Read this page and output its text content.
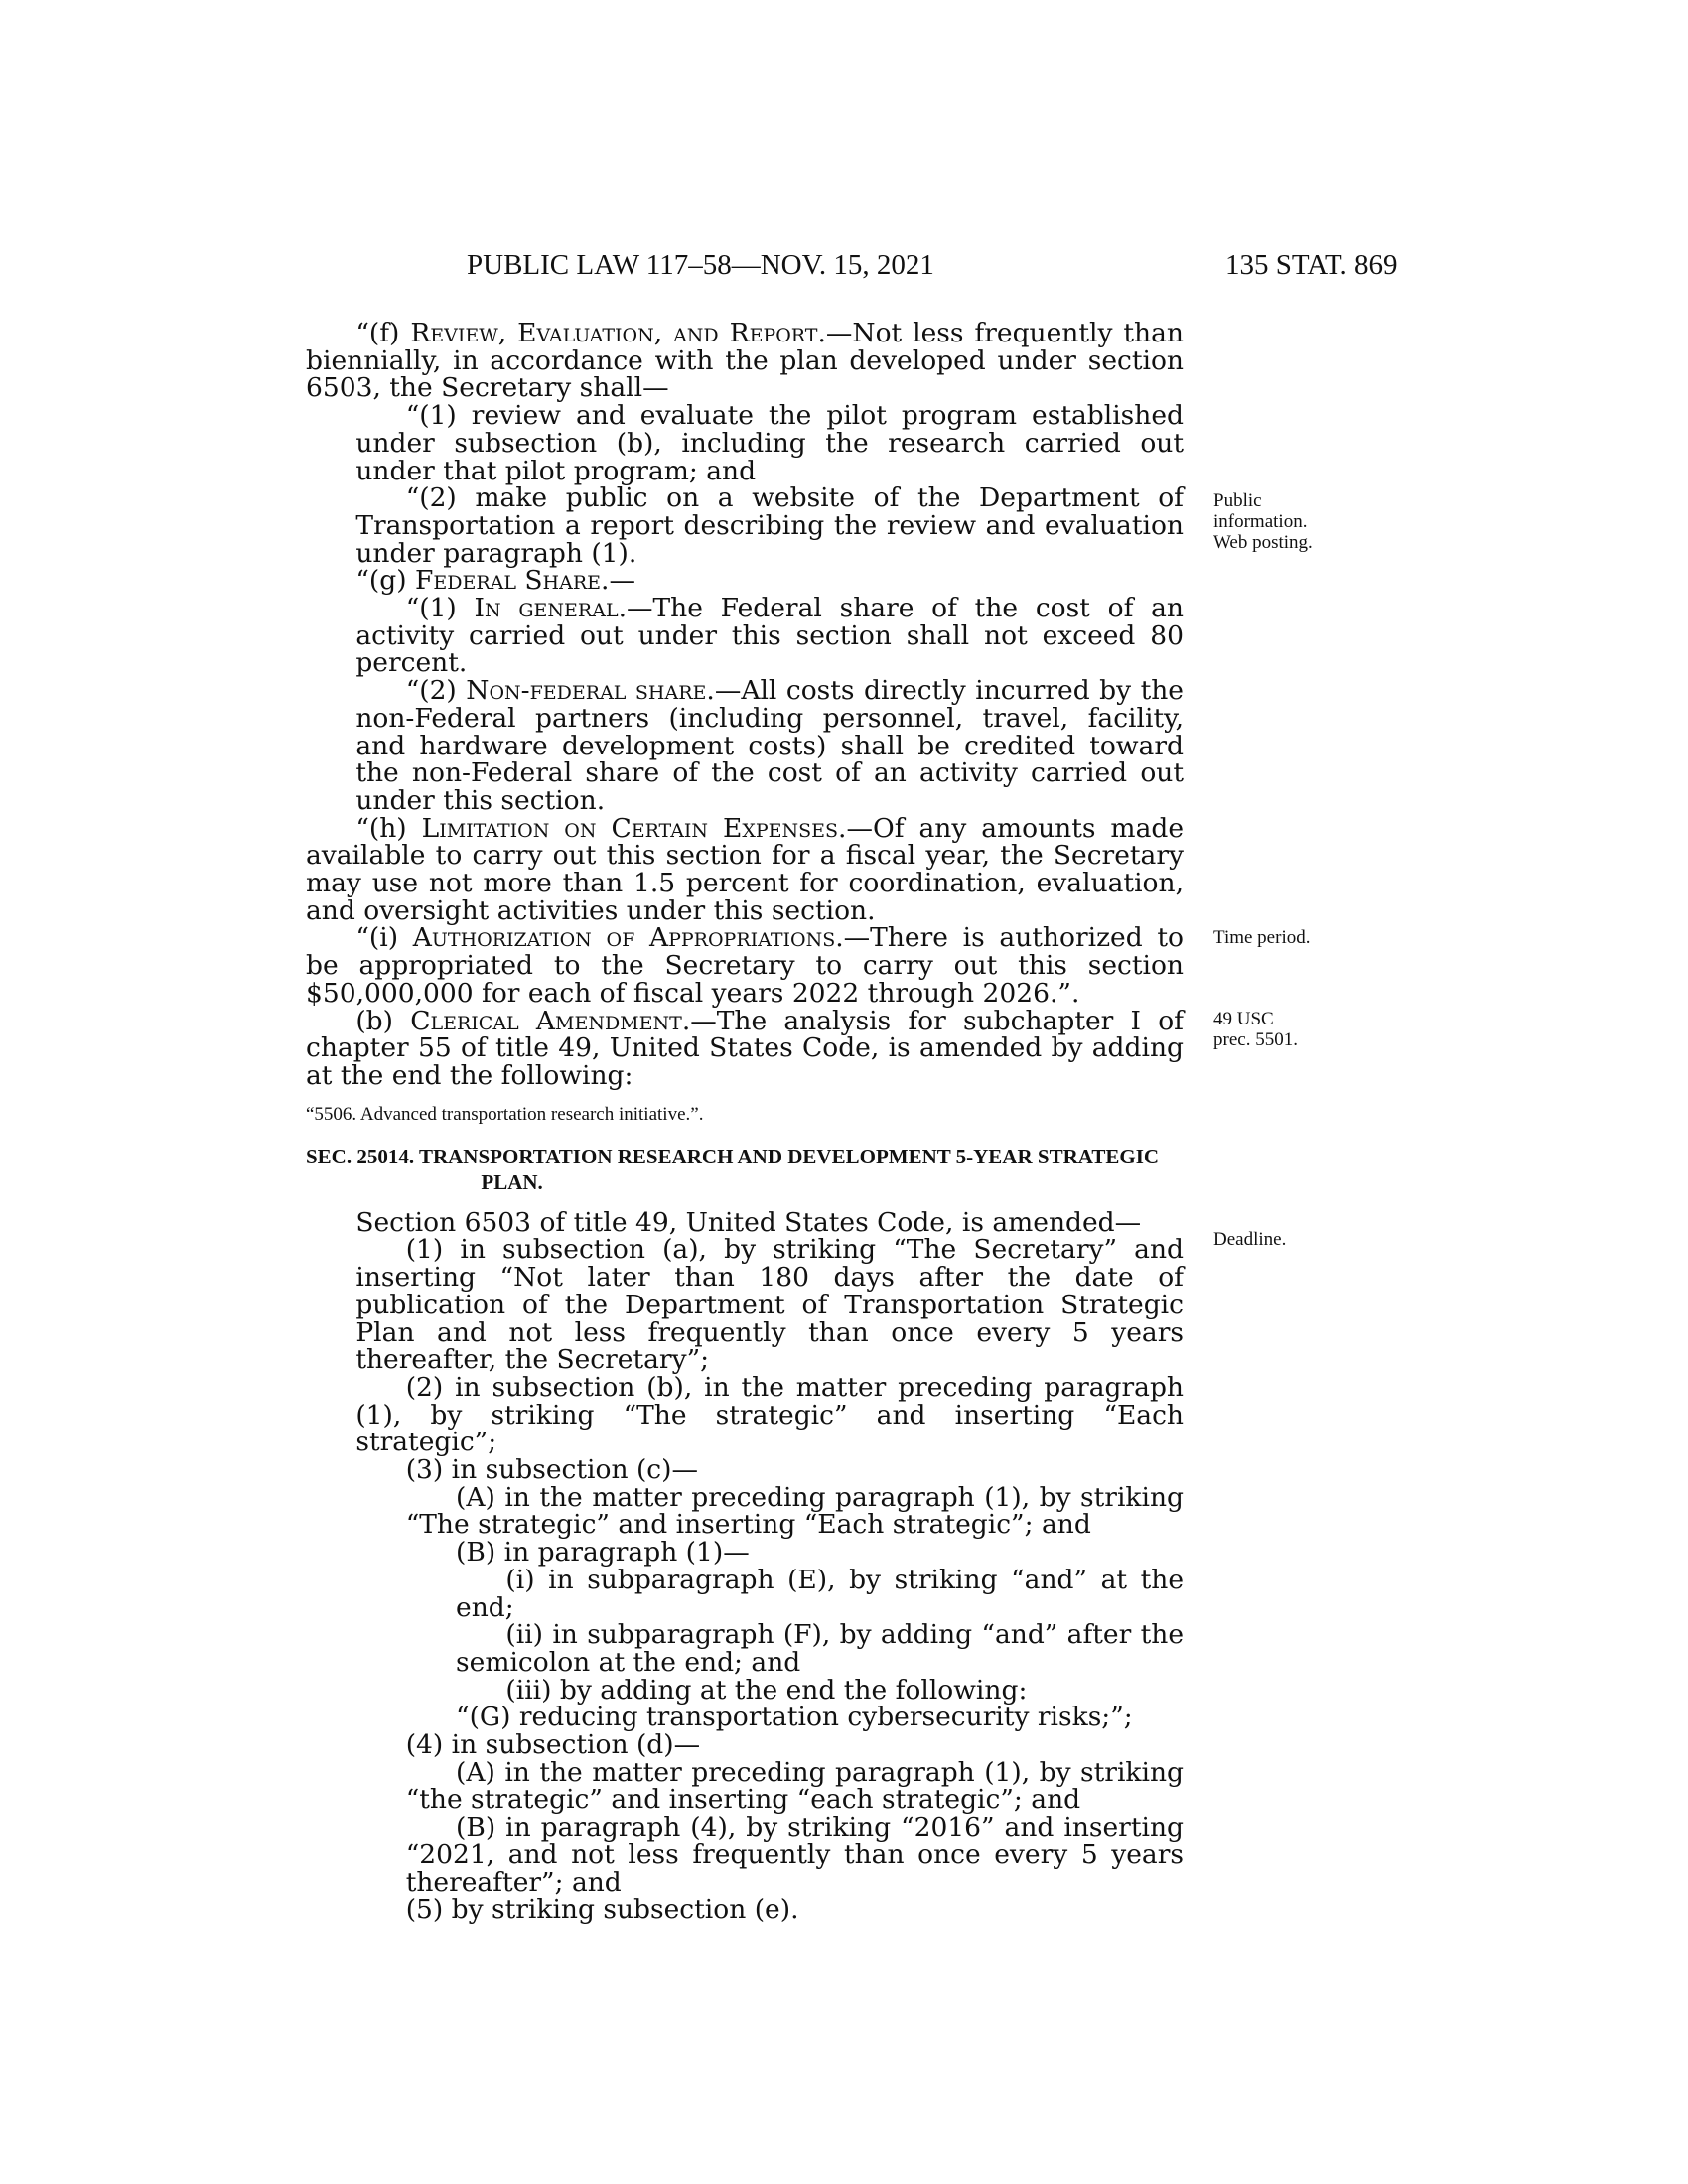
PUBLIC LAW 117–58—NOV. 15, 2021	135 STAT. 869

“(f) Review, Evaluation, and Report.—Not less frequently than biennially, in accordance with the plan developed under section 6503, the Secretary shall—

“(1) review and evaluate the pilot program established under subsection (b), including the research carried out under that pilot program; and

“(2) make public on a website of the Department of Transportation a report describing the review and evaluation under paragraph (1).

“(g) Federal Share.—

“(1) In general.—The Federal share of the cost of an activity carried out under this section shall not exceed 80 percent.

“(2) Non-federal share.—All costs directly incurred by the non-Federal partners (including personnel, travel, facility, and hardware development costs) shall be credited toward the non-Federal share of the cost of an activity carried out under this section.

“(h) Limitation on Certain Expenses.—Of any amounts made available to carry out this section for a fiscal year, the Secretary may use not more than 1.5 percent for coordination, evaluation, and oversight activities under this section.

“(i) Authorization of Appropriations.—There is authorized to be appropriated to the Secretary to carry out this section $50,000,000 for each of fiscal years 2022 through 2026.”.

(b) Clerical Amendment.—The analysis for subchapter I of chapter 55 of title 49, United States Code, is amended by adding at the end the following:

“5506. Advanced transportation research initiative.”.

SEC. 25014. TRANSPORTATION RESEARCH AND DEVELOPMENT 5-YEAR STRATEGIC PLAN.

Section 6503 of title 49, United States Code, is amended—

(1) in subsection (a), by striking “The Secretary” and inserting “Not later than 180 days after the date of publication of the Department of Transportation Strategic Plan and not less frequently than once every 5 years thereafter, the Secretary”;

(2) in subsection (b), in the matter preceding paragraph (1), by striking “The strategic” and inserting “Each strategic”;

(3) in subsection (c)—

(A) in the matter preceding paragraph (1), by striking “The strategic” and inserting “Each strategic”; and

(B) in paragraph (1)—

(i) in subparagraph (E), by striking “and” at the end;

(ii) in subparagraph (F), by adding “and” after the semicolon at the end; and

(iii) by adding at the end the following:

“(G) reducing transportation cybersecurity risks;”;

(4) in subsection (d)—

(A) in the matter preceding paragraph (1), by striking “the strategic” and inserting “each strategic”; and

(B) in paragraph (4), by striking “2016” and inserting “2021, and not less frequently than once every 5 years thereafter”; and

(5) by striking subsection (e).

Public
information.
Web posting.
Time period.
49 USC
prec. 5501.
Deadline.
